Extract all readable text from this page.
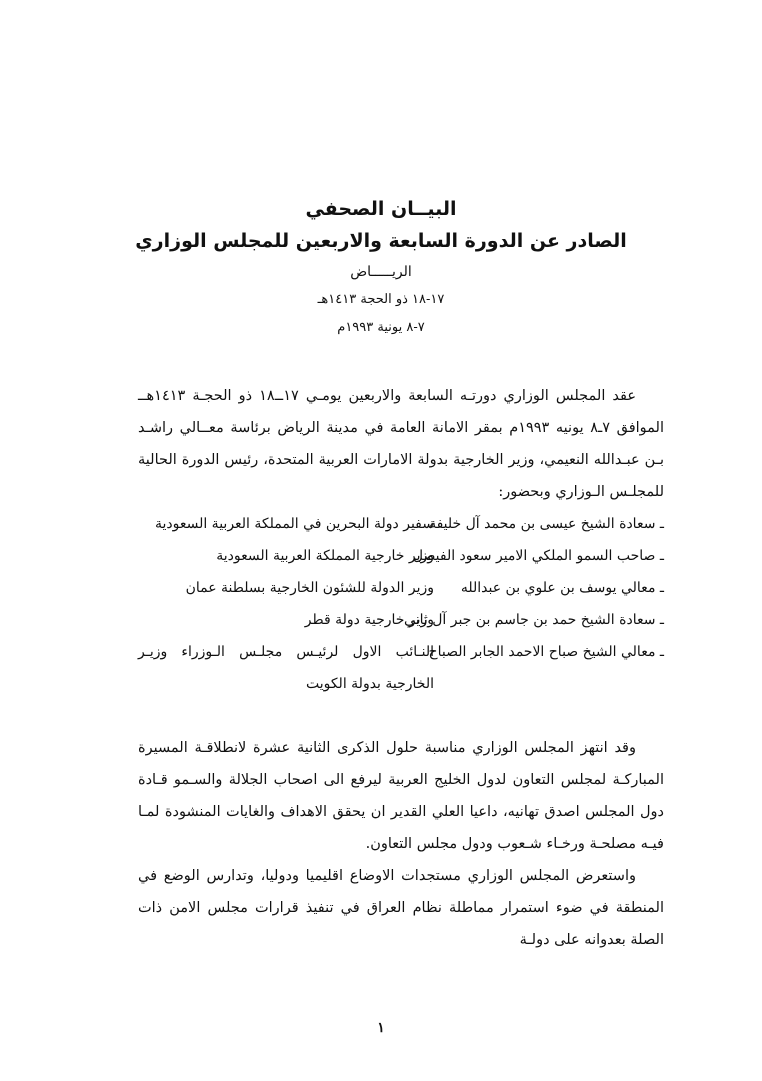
البيــان الصحفي
الصادر عن الدورة السابعة والاربعين للمجلس الوزاري
الريـــــاض
١٧-١٨ ذو الحجة ١٤١٣هـ
٧-٨ يونية ١٩٩٣م
عقد المجلس الوزاري دورتـه السابعة والاربعين يومـي ١٧ــ١٨ ذو الحجـة ١٤١٣هــ الموافق ٧ـ٨ يونيه ١٩٩٣م بمقر الامانة العامة في مدينة الرياض برئاسة معــالي راشـد بـن عبـدالله النعيمي، وزير الخارجية بدولة الامارات العربية المتحدة، رئيس الدورة الحالية للمجلـس الـوزاري وبحضور:
ـ سعادة الشيخ عيسى بن محمد آل خليفة
سفير دولة البحرين في المملكة العربية السعودية
ـ صاحب السمو الملكي الامير سعود الفيصل
وزير خارجية المملكة العربية السعودية
ـ معالي يوسف بن علوي بن عبدالله
وزير الدولة للشئون الخارجية بسلطنة عمان
ـ سعادة الشيخ حمد بن جاسم بن جبر آل ثاني
وزير خارجية دولة قطر
ـ معالي الشيخ صباح الاحمد الجابر الصباح
النـائب الاول لرئيـس مجلـس الـوزراء وزيـر الخارجية بدولة الكويت
وقد انتهز المجلس الوزاري مناسبة حلول الذكرى الثانية عشرة لانطلاقـة المسيرة المباركـة لمجلس التعاون لدول الخليج العربية ليرفع الى اصحاب الجلالة والسـمو قـادة دول المجلس اصدق تهانيه، داعيا العلي القدير ان يحقق الاهداف والغايات المنشودة لمـا فيـه مصلحـة ورخـاء شـعوب ودول مجلس التعاون.
واستعرض المجلس الوزاري مستجدات الاوضاع اقليميا ودوليا، وتدارس الوضع في المنطقة في ضوء استمرار مماطلة نظام العراق في تنفيذ قرارات مجلس الامن ذات الصلة بعدوانه على دولـة
١
